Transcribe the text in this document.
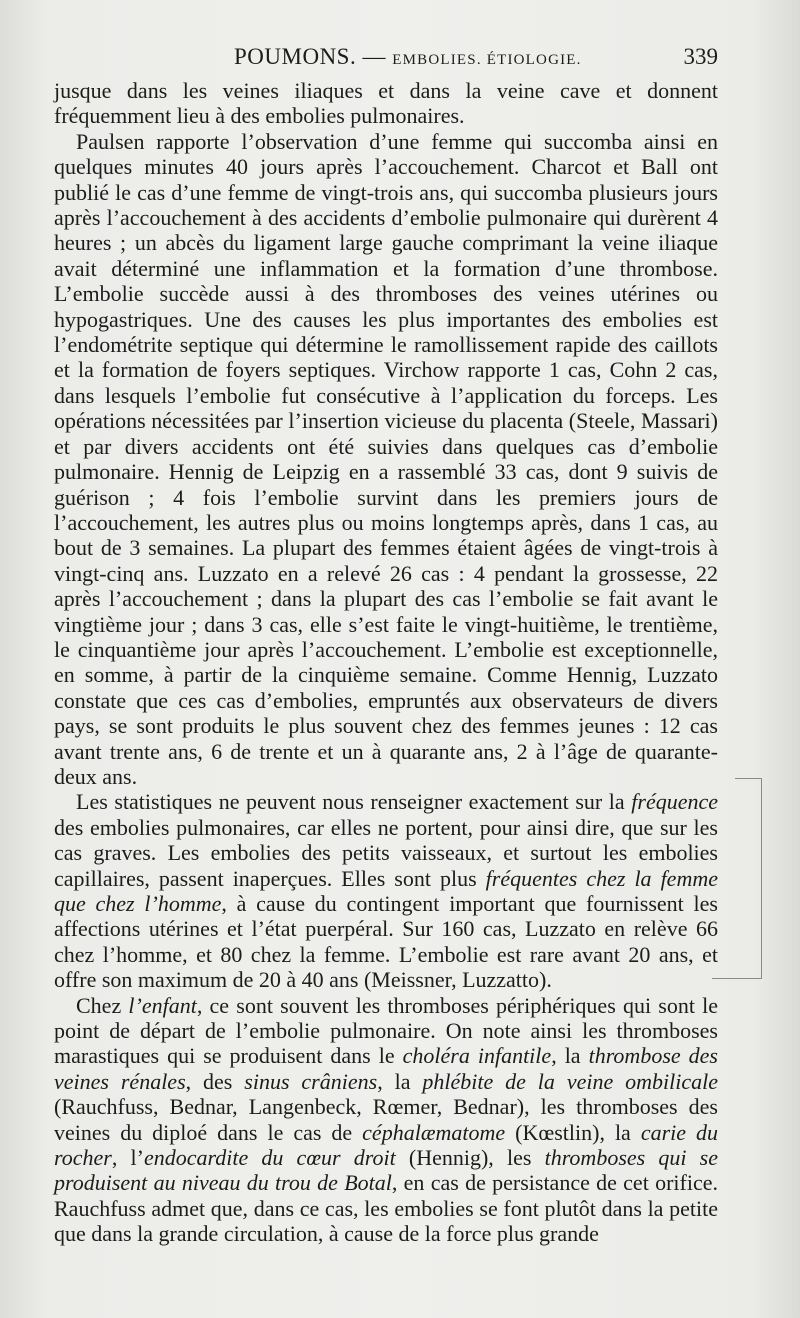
POUMONS. — EMBOLIES. ÉTIOLOGIE.	339

jusque dans les veines iliaques et dans la veine cave et donnent fréquemment lieu à des embolies pulmonaires.

Paulsen rapporte l’observation d’une femme qui succomba ainsi en quelques minutes 40 jours après l’accouchement. Charcot et Ball ont publié le cas d’une femme de vingt-trois ans, qui succomba plusieurs jours après l’accouchement à des accidents d’embolie pulmonaire qui durèrent 4 heures ; un abcès du ligament large gauche comprimant la veine iliaque avait déterminé une inflammation et la formation d’une thrombose. L’embolie succède aussi à des thromboses des veines utérines ou hypogastriques. Une des causes les plus importantes des embolies est l’endométrite septique qui détermine le ramollissement rapide des caillots et la formation de foyers septiques. Virchow rapporte 1 cas, Cohn 2 cas, dans lesquels l’embolie fut consécutive à l’application du forceps. Les opérations nécessitées par l’insertion vicieuse du placenta (Steele, Massari) et par divers accidents ont été suivies dans quelques cas d’embolie pulmonaire. Hennig de Leipzig en a rassemblé 33 cas, dont 9 suivis de guérison ; 4 fois l’embolie survint dans les premiers jours de l’accouchement, les autres plus ou moins longtemps après, dans 1 cas, au bout de 3 semaines. La plupart des femmes étaient âgées de vingt-trois à vingt-cinq ans. Luzzato en a relevé 26 cas : 4 pendant la grossesse, 22 après l’accouchement ; dans la plupart des cas l’embolie se fait avant le vingtième jour ; dans 3 cas, elle s’est faite le vingt-huitième, le trentième, le cinquantième jour après l’accouchement. L’embolie est exceptionnelle, en somme, à partir de la cinquième semaine. Comme Hennig, Luzzato constate que ces cas d’embolies, empruntés aux observateurs de divers pays, se sont produits le plus souvent chez des femmes jeunes : 12 cas avant trente ans, 6 de trente et un à quarante ans, 2 à l’âge de quarante-deux ans.

Les statistiques ne peuvent nous renseigner exactement sur la fréquence des embolies pulmonaires, car elles ne portent, pour ainsi dire, que sur les cas graves. Les embolies des petits vaisseaux, et surtout les embolies capillaires, passent inaperçues. Elles sont plus fréquentes chez la femme que chez l’homme, à cause du contingent important que fournissent les affections utérines et l’état puerpéral. Sur 160 cas, Luzzato en relève 66 chez l’homme, et 80 chez la femme. L’embolie est rare avant 20 ans, et offre son maximum de 20 à 40 ans (Meissner, Luzzatto).

Chez l’enfant, ce sont souvent les thromboses périphériques qui sont le point de départ de l’embolie pulmonaire. On note ainsi les thromboses marastiques qui se produisent dans le choléra infantile, la thrombose des veines rénales, des sinus crâniens, la phlébite de la veine ombilicale (Rauchfuss, Bednar, Langenbeck, Rœmer, Bednar), les thromboses des veines du diploé dans le cas de céphalæmatome (Kœstlin), la carie du rocher, l’endocardite du cœur droit (Hennig), les thromboses qui se produisent au niveau du trou de Botal, en cas de persistance de cet orifice. Rauchfuss admet que, dans ce cas, les embolies se font plutôt dans la petite que dans la grande circulation, à cause de la force plus grande
